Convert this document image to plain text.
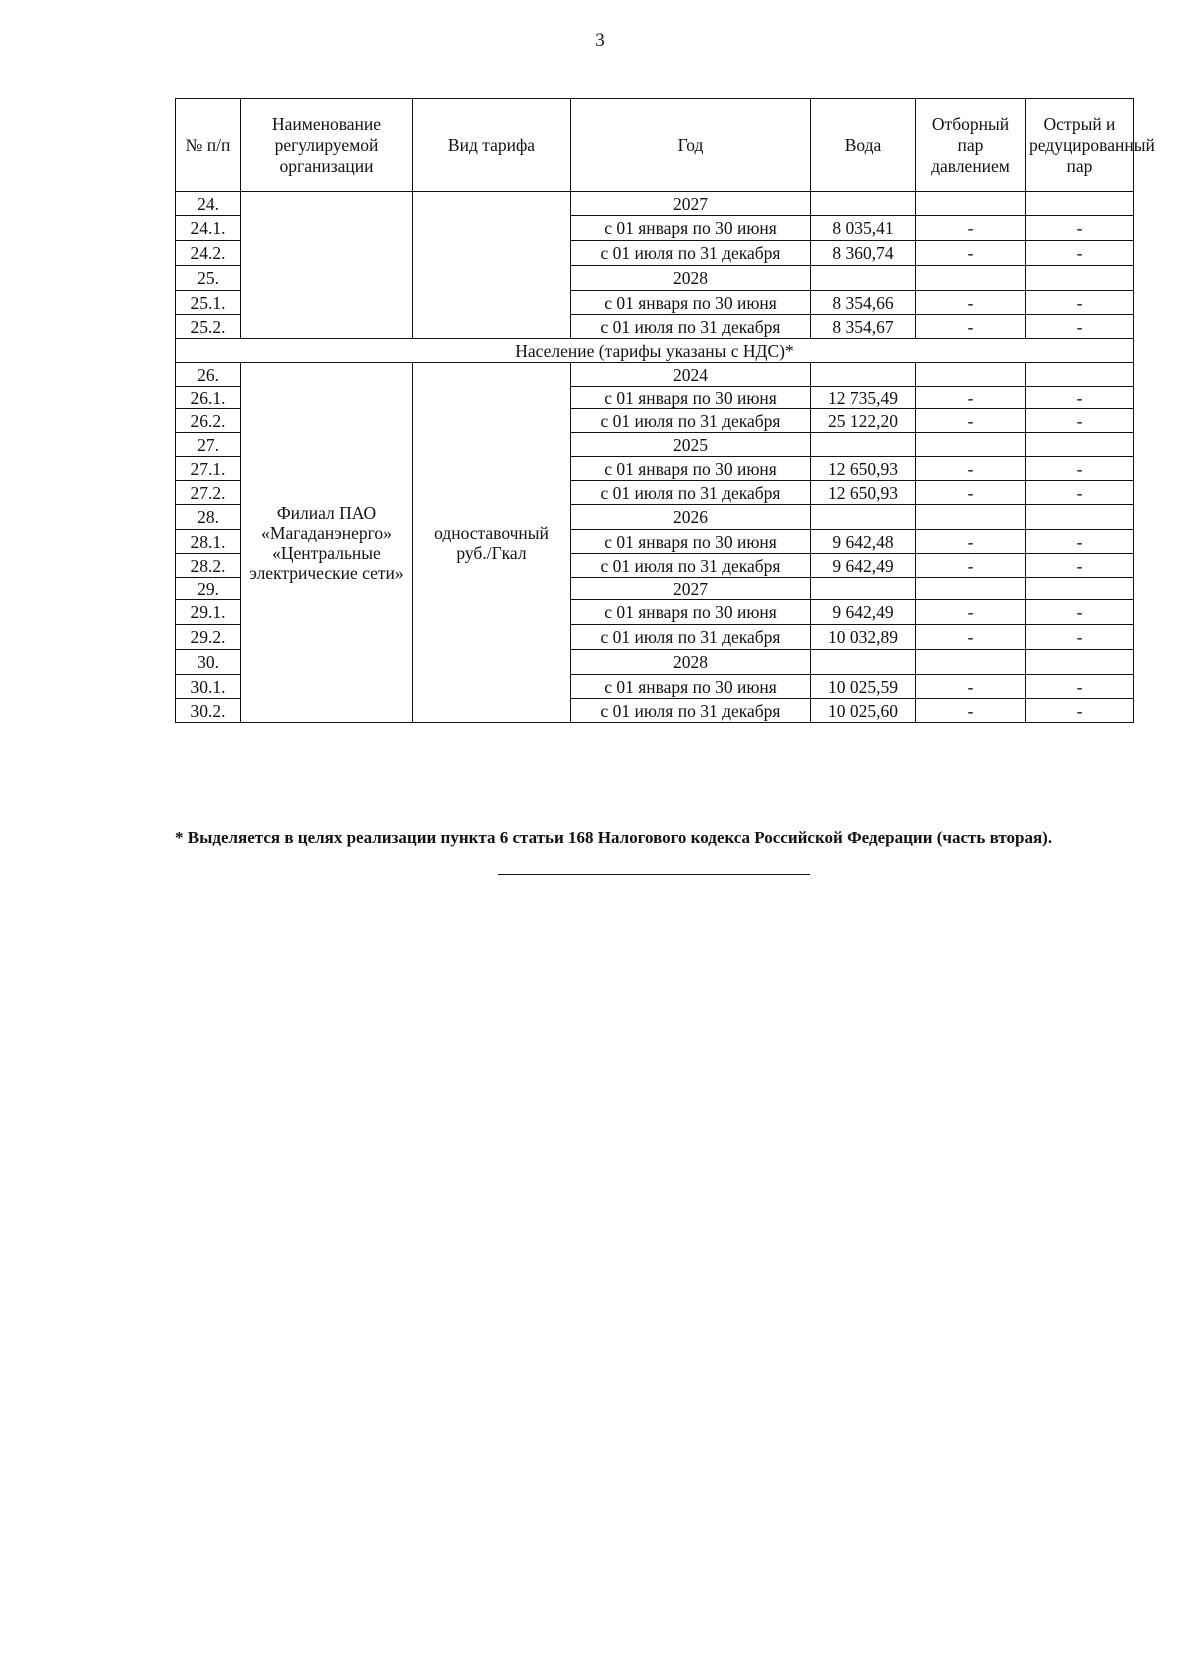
3
№ п/п	Наименование регулируемой организации	Вид тарифа	Год	Вода	Отборный пар давлением	Острый и редуцированный пар
24.			2027			
24.1.			с 01 января по 30 июня	8 035,41	-	-
24.2.			с 01 июля по 31 декабря	8 360,74	-	-
25.			2028			
25.1.			с 01 января по 30 июня	8 354,66	-	-
25.2.			с 01 июля по 31 декабря	8 354,67	-	-
Население (тарифы указаны с НДС)*						
26.	Филиал ПАО «Магаданэнерго» «Центральные электрические сети»	одноставочный руб./Гкал	2024			
26.1.			с 01 января по 30 июня	12 735,49	-	-
26.2.			с 01 июля по 31 декабря	25 122,20	-	-
27.			2025			
27.1.			с 01 января по 30 июня	12 650,93	-	-
27.2.			с 01 июля по 31 декабря	12 650,93	-	-
28.			2026			
28.1.			с 01 января по 30 июня	9 642,48	-	-
28.2.			с 01 июля по 31 декабря	9 642,49	-	-
29.			2027			
29.1.			с 01 января по 30 июня	9 642,49	-	-
29.2.			с 01 июля по 31 декабря	10 032,89	-	-
30.			2028			
30.1.			с 01 января по 30 июня	10 025,59	-	-
30.2.			с 01 июля по 31 декабря	10 025,60	-	-
* Выделяется в целях реализации пункта 6 статьи 168 Налогового кодекса Российской Федерации (часть вторая).
